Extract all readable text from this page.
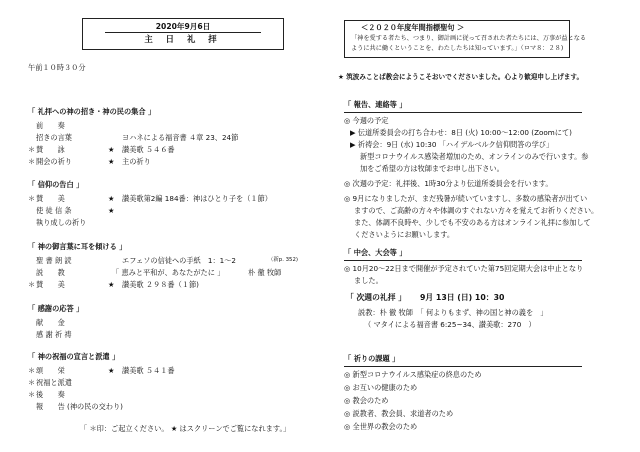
2020年9月6日
主 日 礼 拝
午前１０時３０分
「 礼拝への神の招き・神の民の集合 」
前　　奏
招きの言葉	ヨハネによる福音書 ４章 23、24節
＊ 賛　　詠	★ 讃美歌 ５４６番
＊ 開会の祈り	★ 主の祈り
「 信仰の告白 」
＊ 賛　　美	★ 讃美歌第2編 184番：神はひとり子を（１節）
使 徒 信 条	★
執り成しの祈り
「 神の御言葉に耳を傾ける 」
聖 書 朗 読	エフェソの信徒への手紙　1：1〜2	（新p. 352)
説　　教	「 恵みと平和が、あなたがたに 」	朴 徹 牧師
＊ 賛　　美	★ 讃美歌 ２９８番（１節)
「 感謝の応答 」
献　　金
感 謝 祈 祷
「 神の祝福の宣言と派遣 」
＊ 頌　　栄	★ 讃美歌 ５４１番
＊ 祝福と派遣
＊ 後　　奏
報　　告 (神の民の交わり)
「 ＊印：ご起立ください。 ★ はスクリーンでご覧になれます。」
＜２０２０年度年間指標聖句 ＞
「神を愛する者たち、つまり、御計画に従って召された者たちには、万事が益となる
ように共に働くということを、わたしたちは知っています。」（ロマ８：２８)
★ 筑波みことば教会にようこそおいでくださいました。心より歓迎申し上げます。
「 報告、連絡等 」
◎ 今週の予定
▶ 伝道所委員会の打ち合わせ：8日 (火) 10:00〜12:00 (Zoomにて)
▶ 祈祷会：9日 (水) 10:30 「ハイデルベルク信仰問答の学び」
新型コロナウイルス感染者増加のため、オンラインのみで行います。参
加をご希望の方は牧師までお申し出下さい。
◎ 次週の予定：礼拝後、1時30分より伝道所委員会を行います。
◎ 9月になりましたが、まだ残暑が続いていますし、多数の感染者が出てい
ますので、ご高齢の方々や体調のすぐれない方々を覚えてお祈りください。
また、体調不良時や、少しでも不安のある方はオンライン礼拝に参加して
くださいようにお願いします。
「 中会、大会等 」
◎ 10月20〜22日まで開催が予定されていた第75回定期大会は中止となり
ました。
「 次週の礼拝 」 9月 13日 (日) 10：30
説教：朴 徹 牧師　「 何よりもまず、神の国と神の義を　」
（ マタイによる福音書 6:25~34、讃美歌：270　）
「 祈りの課題 」
◎ 新型コロナウイルス感染症の終息のため
◎ お互いの健康のため
◎ 教会のため
◎ 説教者、教会員、求道者のため
◎ 全世界の教会のため
